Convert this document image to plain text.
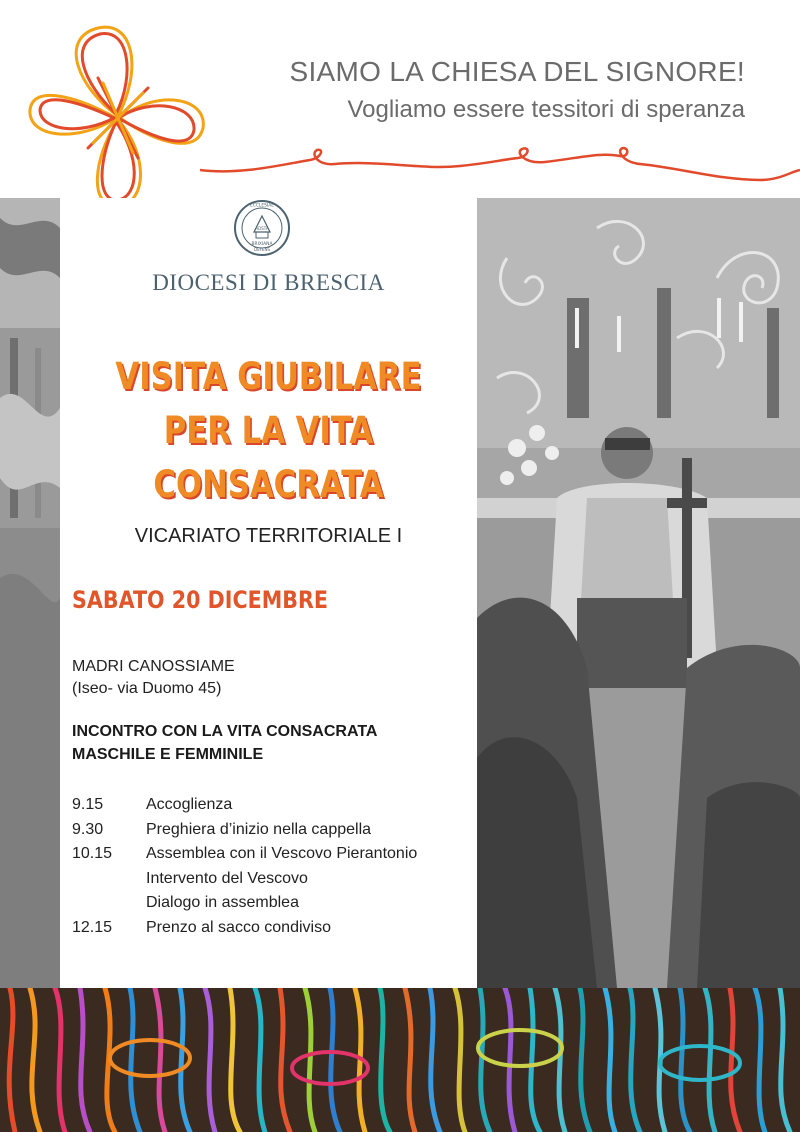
SIAMO LA CHIESA DEL SIGNORE!
Vogliamo essere tessitori di speranza
ECCLESIAE
BRIXIANA
ADSTA
DEFENS
DIOCESI DI BRESCIA
VISITA GIUBILARE
PER LA VITA
CONSACRATA
VICARIATO TERRITORIALE I
SABATO 20 DICEMBRE
MADRI CANOSSIAME
(Iseo- via Duomo 45)
INCONTRO CON LA VITA CONSACRATA
MASCHILE E FEMMINILE
9.15	Accoglienza
9.30	Preghiera d’inizio nella cappella
10.15 Assemblea con il Vescovo Pierantonio
Intervento del Vescovo
Dialogo in assemblea
12.15 Prenzo al sacco condiviso
